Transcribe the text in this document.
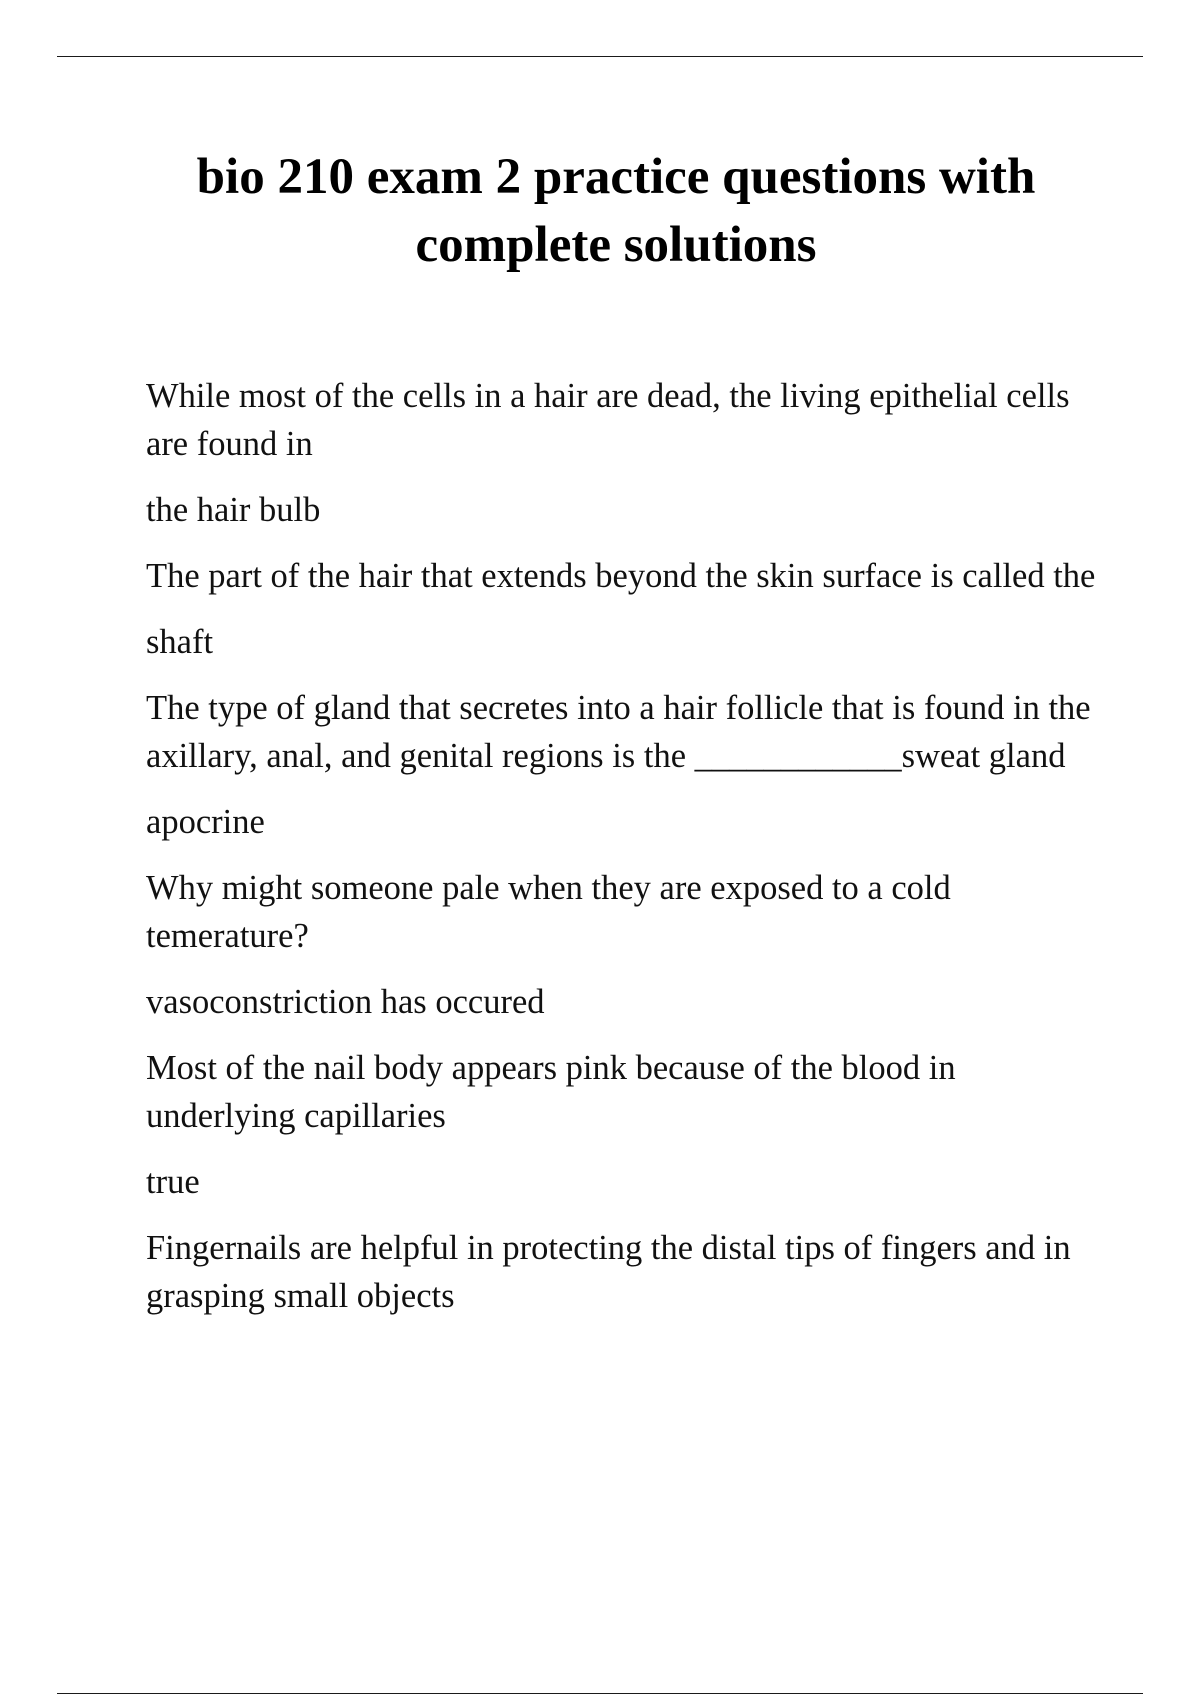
bio 210 exam 2 practice questions with complete solutions

While most of the cells in a hair are dead, the living epithelial cells are found in

the hair bulb

The part of the hair that extends beyond the skin surface is called the

shaft

The type of gland that secretes into a hair follicle that is found in the axillary, anal, and genital regions is the ____________sweat gland

apocrine

Why might someone pale when they are exposed to a cold temerature?

vasoconstriction has occured

Most of the nail body appears pink because of the blood in underlying capillaries

true

Fingernails are helpful in protecting the distal tips of fingers and in grasping small objects
